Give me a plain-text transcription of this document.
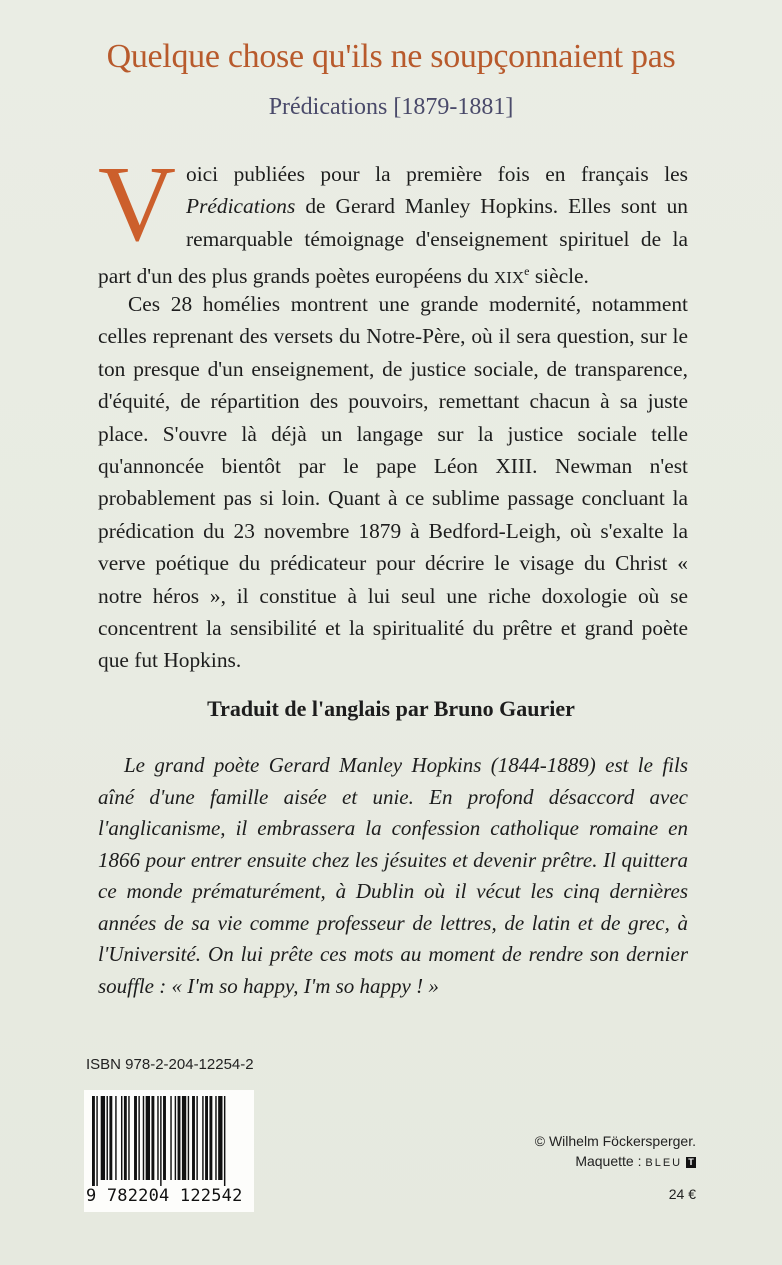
Quelque chose qu'ils ne soupçonnaient pas
Prédications [1879-1881]
Voici publiées pour la première fois en français les Prédications de Gerard Manley Hopkins. Elles sont un remarquable témoignage d'enseignement spirituel de la part d'un des plus grands poètes européens du XIXe siècle.
Ces 28 homélies montrent une grande modernité, notamment celles reprenant des versets du Notre-Père, où il sera question, sur le ton presque d'un enseignement, de justice sociale, de transparence, d'équité, de répartition des pouvoirs, remettant chacun à sa juste place. S'ouvre là déjà un langage sur la justice sociale telle qu'annoncée bientôt par le pape Léon XIII. Newman n'est probablement pas si loin. Quant à ce sublime passage concluant la prédication du 23 novembre 1879 à Bedford-Leigh, où s'exalte la verve poétique du prédicateur pour décrire le visage du Christ « notre héros », il constitue à lui seul une riche doxologie où se concentrent la sensibilité et la spiritualité du prêtre et grand poète que fut Hopkins.
Traduit de l'anglais par Bruno Gaurier
Le grand poète Gerard Manley Hopkins (1844-1889) est le fils aîné d'une famille aisée et unie. En profond désaccord avec l'anglicanisme, il embrassera la confession catholique romaine en 1866 pour entrer ensuite chez les jésuites et devenir prêtre. Il quittera ce monde prématurément, à Dublin où il vécut les cinq dernières années de sa vie comme professeur de lettres, de latin et de grec, à l'Université. On lui prête ces mots au moment de rendre son dernier souffle : « I'm so happy, I'm so happy ! »
ISBN 978-2-204-12254-2
9 782204 122542
© Wilhelm Föckersperger.
Maquette : BLEU T
24 €
